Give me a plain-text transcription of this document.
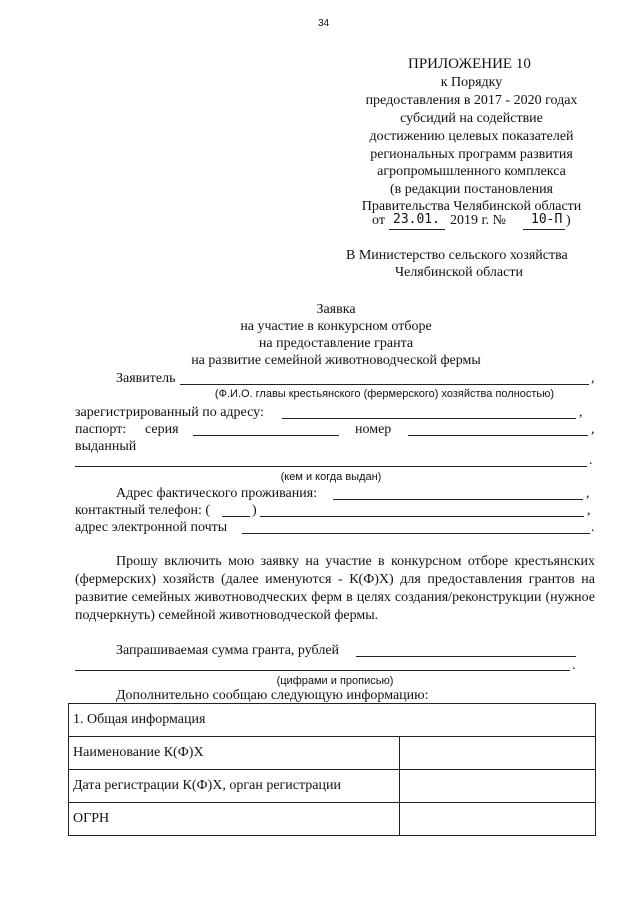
34
ПРИЛОЖЕНИЕ 10
к Порядку
предоставления в 2017 - 2020 годах
субсидий на содействие
достижению целевых показателей
региональных программ развития
агропромышленного комплекса
(в редакции постановления
Правительства Челябинской области
от 23.01. 2019 г. № 10-П )
В Министерство сельского хозяйства
Челябинской области
Заявка
на участие в конкурсном отборе
на предоставление гранта
на развитие семейной животноводческой фермы
Заявитель	,
(Ф.И.О. главы крестьянского (фермерского) хозяйства полностью)
зарегистрированный по адресу:	,
паспорт: серия	номер	,
выданный
.
(кем и когда выдан)
Адрес фактического проживания:	,
контактный телефон: (	)	,
адрес электронной почты	.
Прошу включить мою заявку на участие в конкурсном отборе крестьянских (фермерских) хозяйств (далее именуются - К(Ф)Х) для предоставления грантов на развитие семейных животноводческих ферм в целях создания/реконструкции (нужное подчеркнуть) семейной животноводческой фермы.
Запрашиваемая сумма гранта, рублей
.
(цифрами и прописью)
Дополнительно сообщаю следующую информацию:
1. Общая информация	
Наименование К(Ф)Х	
Дата регистрации К(Ф)Х, орган регистрации	
ОГРН	
